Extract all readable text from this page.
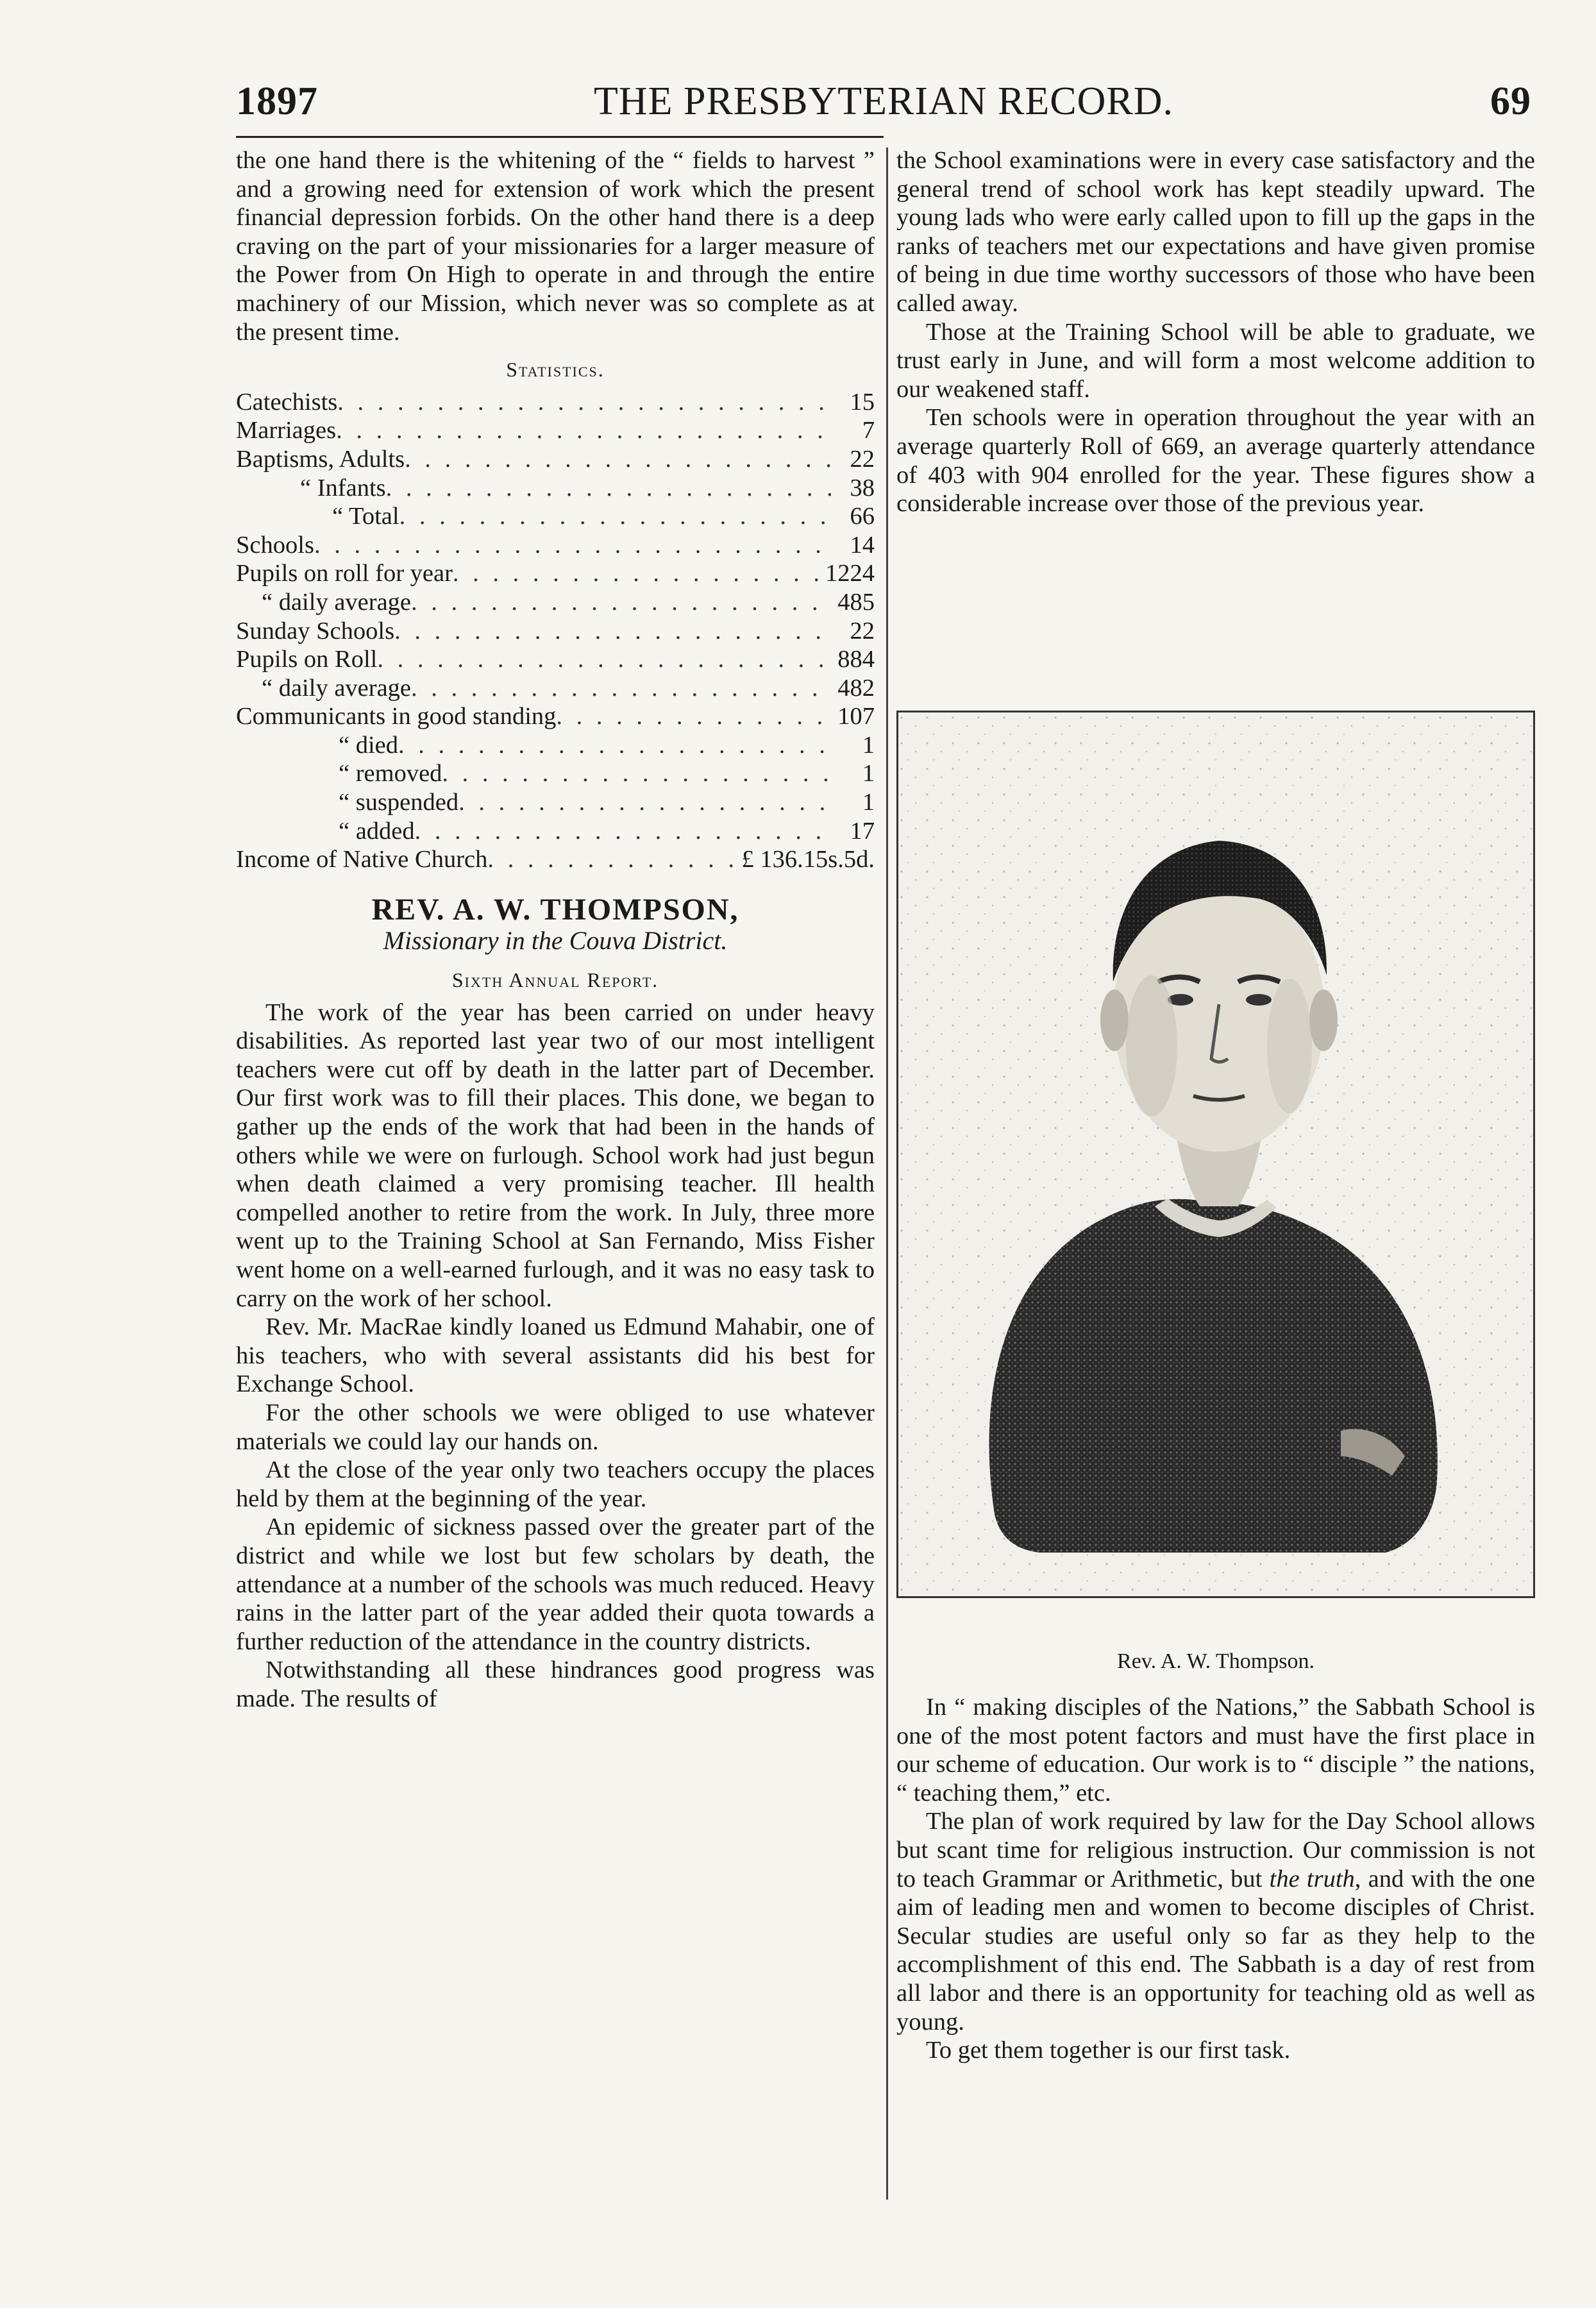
THE PRESBYTERIAN RECORD.
1897	69

the one hand there is the whitening of the “ fields to harvest ” and a growing need for extension of work which the present financial depression forbids. On the other hand there is a deep craving on the part of your missionaries for a larger measure of the Power from On High to operate in and through the entire machinery of our Mission, which never was so complete as at the present time.

Statistics.
Catechists . . .	15
Marriages . . .	7
Baptisms, Adults . . .	22
“ Infants . . .	38
“ Total . . .	66
Schools . . .	14
Pupils on roll for year . . .	1224
“ daily average . . .	485
Sunday Schools . . .	22
Pupils on Roll . . .	884
“ daily average . . .	482
Communicants in good standing . . .	107
“ died . . .	1
“ removed . . .	1
“ suspended . . .	1
“ added . . .	17
Income of Native Church . . .	£ 136.15s.5d.
REV. A. W. THOMPSON,
Missionary in the Couva District.
Sixth Annual Report.

The work of the year has been carried on under heavy disabilities. As reported last year two of our most intelligent teachers were cut off by death in the latter part of December. Our first work was to fill their places. This done, we began to gather up the ends of the work that had been in the hands of others while we were on furlough. School work had just begun when death claimed a very promising teacher. Ill health compelled another to retire from the work. In July, three more went up to the Training School at San Fernando, Miss Fisher went home on a well-earned furlough, and it was no easy task to carry on the work of her school.

Rev. Mr. MacRae kindly loaned us Edmund Mahabir, one of his teachers, who with several assistants did his best for Exchange School.

For the other schools we were obliged to use whatever materials we could lay our hands on.

At the close of the year only two teachers occupy the places held by them at the beginning of the year.

An epidemic of sickness passed over the greater part of the district and while we lost but few scholars by death, the attendance at a number of the schools was much reduced. Heavy rains in the latter part of the year added their quota towards a further reduction of the attendance in the country districts.

Notwithstanding all these hindrances good progress was made. The results of

the School examinations were in every case satisfactory and the general trend of school work has kept steadily upward. The young lads who were early called upon to fill up the gaps in the ranks of teachers met our expectations and have given promise of being in due time worthy successors of those who have been called away.

Those at the Training School will be able to graduate, we trust early in June, and will form a most welcome addition to our weakened staff.

Ten schools were in operation throughout the year with an average quarterly Roll of 669, an average quarterly attendance of 403 with 904 enrolled for the year. These figures show a considerable increase over those of the previous year.

Rev. A. W. Thompson.

In “ making disciples of the Nations,” the Sabbath School is one of the most potent factors and must have the first place in our scheme of education. Our work is to “ disciple ” the nations, “ teaching them,” etc.

The plan of work required by law for the Day School allows but scant time for religious instruction. Our commission is not to teach Grammar or Arithmetic, but the truth, and with the one aim of leading men and women to become disciples of Christ. Secular studies are useful only so far as they help to the accomplishment of this end. The Sabbath is a day of rest from all labor and there is an opportunity for teaching old as well as young.

To get them together is our first task.
